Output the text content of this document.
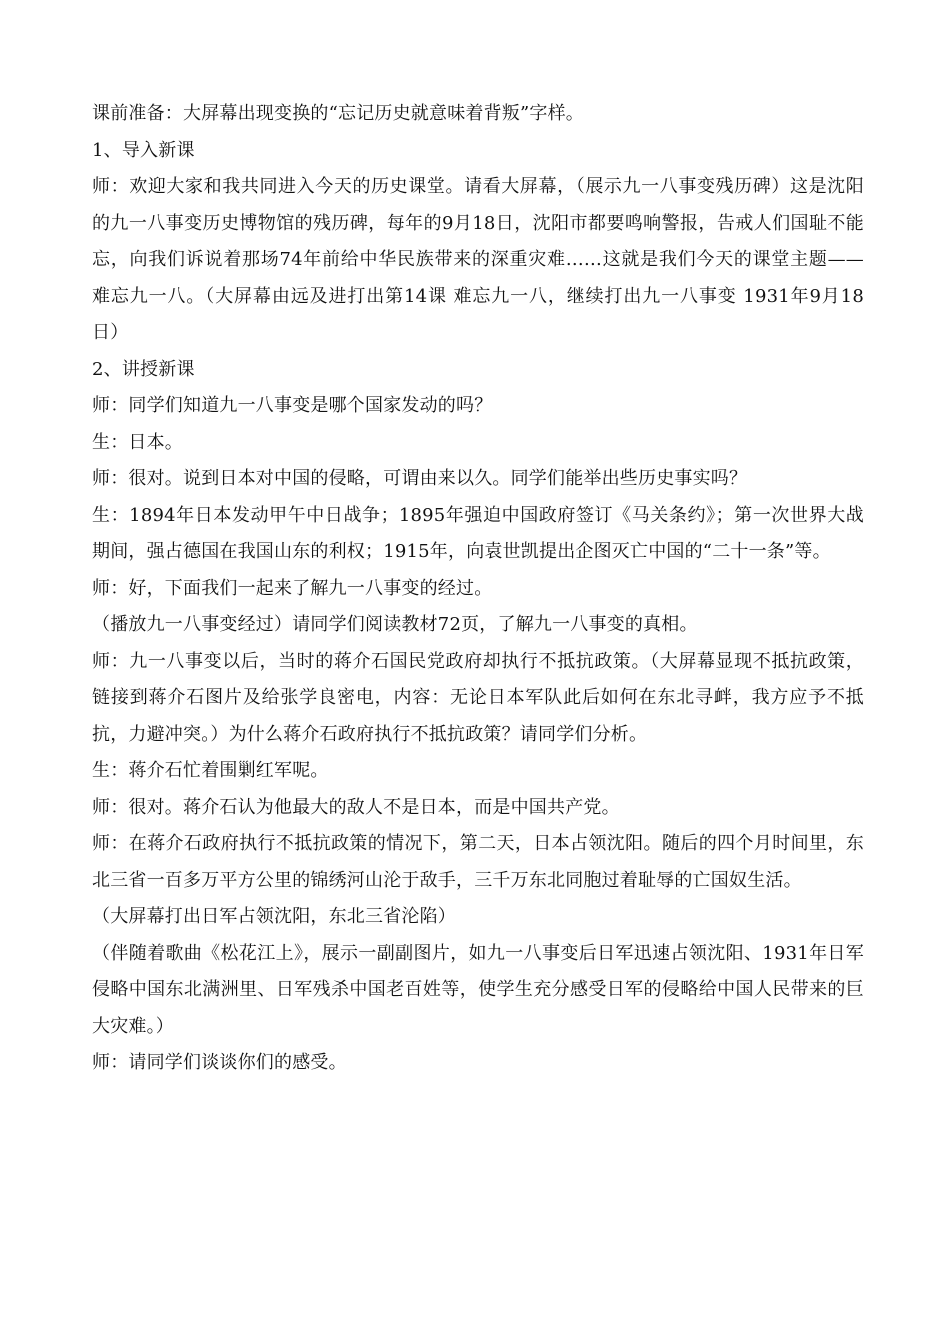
课前准备：大屏幕出现变换的“忘记历史就意味着背叛”字样。

1、导入新课

师：欢迎大家和我共同进入今天的历史课堂。请看大屏幕，（展示九一八事变残历碑）这是沈阳的九一八事变历史博物馆的残历碑，每年的9月18日，沈阳市都要鸣响警报，告戒人们国耻不能忘，向我们诉说着那场74年前给中华民族带来的深重灾难……这就是我们今天的课堂主题—— 难忘九一八。（大屏幕由远及进打出第14课 难忘九一八，继续打出九一八事变 1931年9月18日）

2、讲授新课

师：同学们知道九一八事变是哪个国家发动的吗？

生：日本。

师：很对。说到日本对中国的侵略，可谓由来以久。同学们能举出些历史事实吗？

生：1894年日本发动甲午中日战争；1895年强迫中国政府签订《马关条约》；第一次世界大战期间，强占德国在我国山东的利权；1915年，向袁世凯提出企图灭亡中国的“二十一条”等。

师：好，下面我们一起来了解九一八事变的经过。

（播放九一八事变经过）请同学们阅读教材72页，了解九一八事变的真相。

师：九一八事变以后，当时的蒋介石国民党政府却执行不抵抗政策。（大屏幕显现不抵抗政策，链接到蒋介石图片及给张学良密电，内容：无论日本军队此后如何在东北寻衅，我方应予不抵抗，力避冲突。）为什么蒋介石政府执行不抵抗政策？请同学们分析。

生：蒋介石忙着围剿红军呢。

师：很对。蒋介石认为他最大的敌人不是日本，而是中国共产党。

师：在蒋介石政府执行不抵抗政策的情况下，第二天，日本占领沈阳。随后的四个月时间里，东北三省一百多万平方公里的锦绣河山沦于敌手，三千万东北同胞过着耻辱的亡国奴生活。

（大屏幕打出日军占领沈阳，东北三省沦陷）

（伴随着歌曲《松花江上》，展示一副副图片，如九一八事变后日军迅速占领沈阳、1931年日军侵略中国东北满洲里、日军残杀中国老百姓等，使学生充分感受日军的侵略给中国人民带来的巨大灾难。）

师：请同学们谈谈你们的感受。
